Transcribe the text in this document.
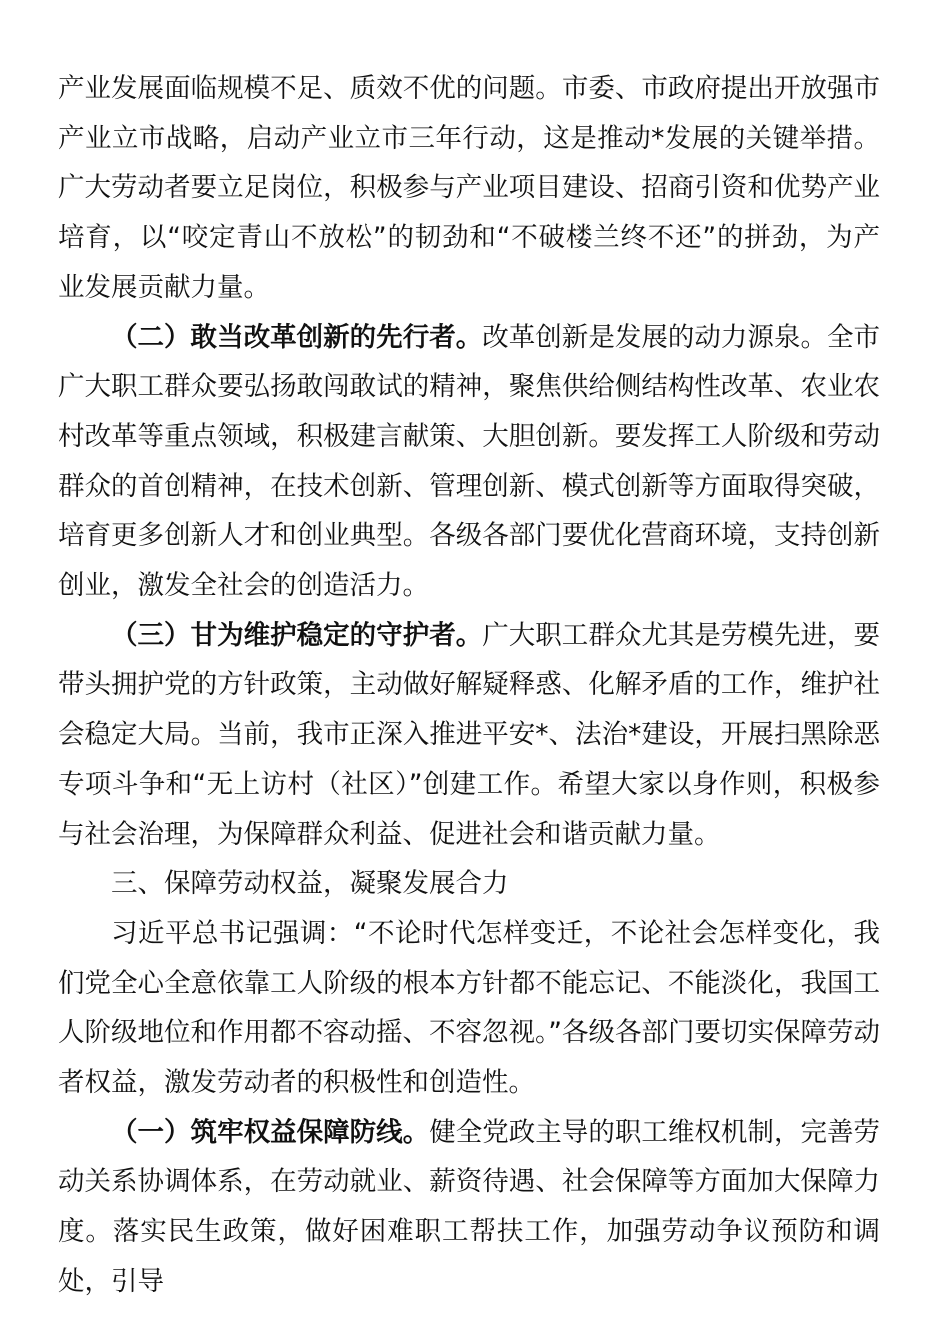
产业发展面临规模不足、质效不优的问题。市委、市政府提出开放强市产业立市战略，启动产业立市三年行动，这是推动*发展的关键举措。广大劳动者要立足岗位，积极参与产业项目建设、招商引资和优势产业培育，以“咬定青山不放松”的韧劲和“不破楼兰终不还”的拼劲，为产业发展贡献力量。

（二）敢当改革创新的先行者。改革创新是发展的动力源泉。全市广大职工群众要弘扬敢闯敢试的精神，聚焦供给侧结构性改革、农业农村改革等重点领域，积极建言献策、大胆创新。要发挥工人阶级和劳动群众的首创精神，在技术创新、管理创新、模式创新等方面取得突破，培育更多创新人才和创业典型。各级各部门要优化营商环境，支持创新创业，激发全社会的创造活力。

（三）甘为维护稳定的守护者。广大职工群众尤其是劳模先进，要带头拥护党的方针政策，主动做好解疑释惑、化解矛盾的工作，维护社会稳定大局。当前，我市正深入推进平安*、法治*建设，开展扫黑除恶专项斗争和“无上访村（社区）”创建工作。希望大家以身作则，积极参与社会治理，为保障群众利益、促进社会和谐贡献力量。

三、保障劳动权益，凝聚发展合力

习近平总书记强调：“不论时代怎样变迁，不论社会怎样变化，我们党全心全意依靠工人阶级的根本方针都不能忘记、不能淡化，我国工人阶级地位和作用都不容动摇、不容忽视。”各级各部门要切实保障劳动者权益，激发劳动者的积极性和创造性。

（一）筑牢权益保障防线。健全党政主导的职工维权机制，完善劳动关系协调体系，在劳动就业、薪资待遇、社会保障等方面加大保障力度。落实民生政策，做好困难职工帮扶工作，加强劳动争议预防和调处，引导
